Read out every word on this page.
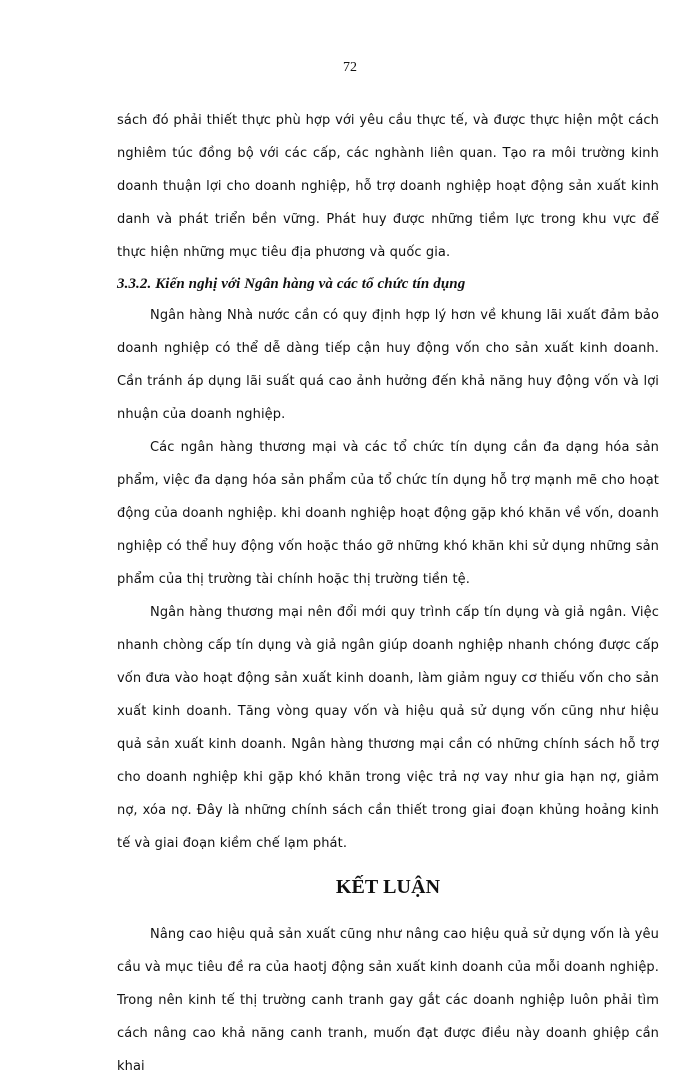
72

sách đó phải thiết thực phù hợp với yêu cầu thực tế, và được thực hiện một cách nghiêm túc đồng bộ với các cấp, các nghành liên quan. Tạo ra môi trường kinh doanh thuận lợi cho doanh nghiệp, hỗ trợ doanh nghiệp hoạt động sản xuất kinh danh và phát triển bền vững. Phát huy được những tiềm lực trong khu vực để thực hiện những mục tiêu địa phương và quốc gia.

3.3.2. Kiến nghị với Ngân hàng và các tổ chức tín dụng

Ngân hàng Nhà nước cần có quy định hợp lý hơn về khung lãi xuất đảm bảo doanh nghiệp có thể dễ dàng tiếp cận huy động vốn cho sản xuất kinh doanh. Cần tránh áp dụng lãi suất quá cao ảnh hưởng đến khả năng huy động vốn và lợi nhuận của doanh nghiệp.

Các ngân hàng thương mại và các tổ chức tín dụng cần đa dạng hóa sản phẩm, việc đa dạng hóa sản phẩm của tổ chức tín dụng hỗ trợ mạnh mẽ cho hoạt động của doanh nghiệp. khi doanh nghiệp hoạt động gặp khó khăn về vốn, doanh nghiệp có thể huy động vốn hoặc tháo gỡ những khó khăn khi sử dụng những sản phẩm của thị trường tài chính hoặc thị trường tiền tệ.

Ngân hàng thương mại nên đổi mới quy trình cấp tín dụng và giả ngân. Việc nhanh chòng cấp tín dụng và giả ngân giúp doanh nghiệp nhanh chóng được cấp vốn đưa vào hoạt động sản xuất kinh doanh, làm giảm nguy cơ thiếu vốn cho sản xuất kinh doanh. Tăng vòng quay vốn và hiệu quả sử dụng vốn cũng như hiệu quả sản xuất kinh doanh. Ngân hàng thương mại cần có những chính sách hỗ trợ cho doanh nghiệp khi gặp khó khăn trong việc trả nợ vay như gia hạn nợ, giảm nợ, xóa nợ. Đây là những chính sách cần thiết trong giai đoạn khủng hoảng kinh tế và giai đoạn kiềm chế lạm phát.

KẾT LUẬN

Nâng cao hiệu quả sản xuất cũng như nâng cao hiệu quả sử dụng vốn là yêu cầu và mục tiêu đề ra của haotj động sản xuất kinh doanh của mỗi doanh nghiệp. Trong nên kinh tế thị trường canh tranh gay gắt các doanh nghiệp luôn phải tìm cách nâng cao khả năng canh tranh, muốn đạt được điều này doanh ghiệp cần khai
